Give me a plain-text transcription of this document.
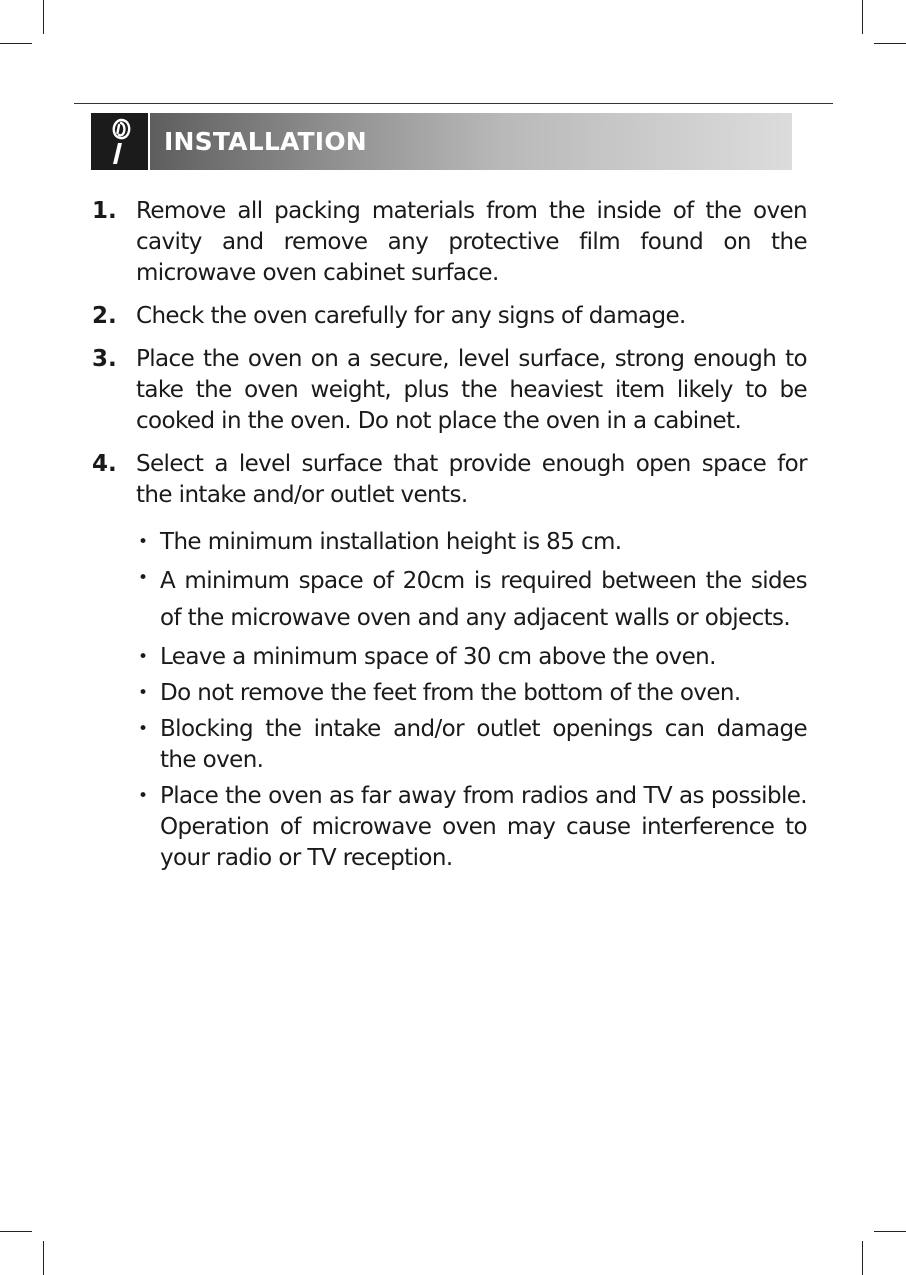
INSTALLATION
1. Remove all packing materials from the inside of the oven cavity and remove any protective film found on the microwave oven cabinet surface.
2. Check the oven carefully for any signs of damage.
3. Place the oven on a secure, level surface, strong enough to take the oven weight, plus the heaviest item likely to be cooked in the oven. Do not place the oven in a cabinet.
4. Select a level surface that provide enough open space for the intake and/or outlet vents.
• The minimum installation height is 85 cm.
• A minimum space of 20cm is required between the sides of the microwave oven and any adjacent walls or objects.
• Leave a minimum space of 30 cm above the oven.
• Do not remove the feet from the bottom of the oven.
• Blocking the intake and/or outlet openings can damage the oven.
• Place the oven as far away from radios and TV as possible. Operation of microwave oven may cause interference to your radio or TV reception.
